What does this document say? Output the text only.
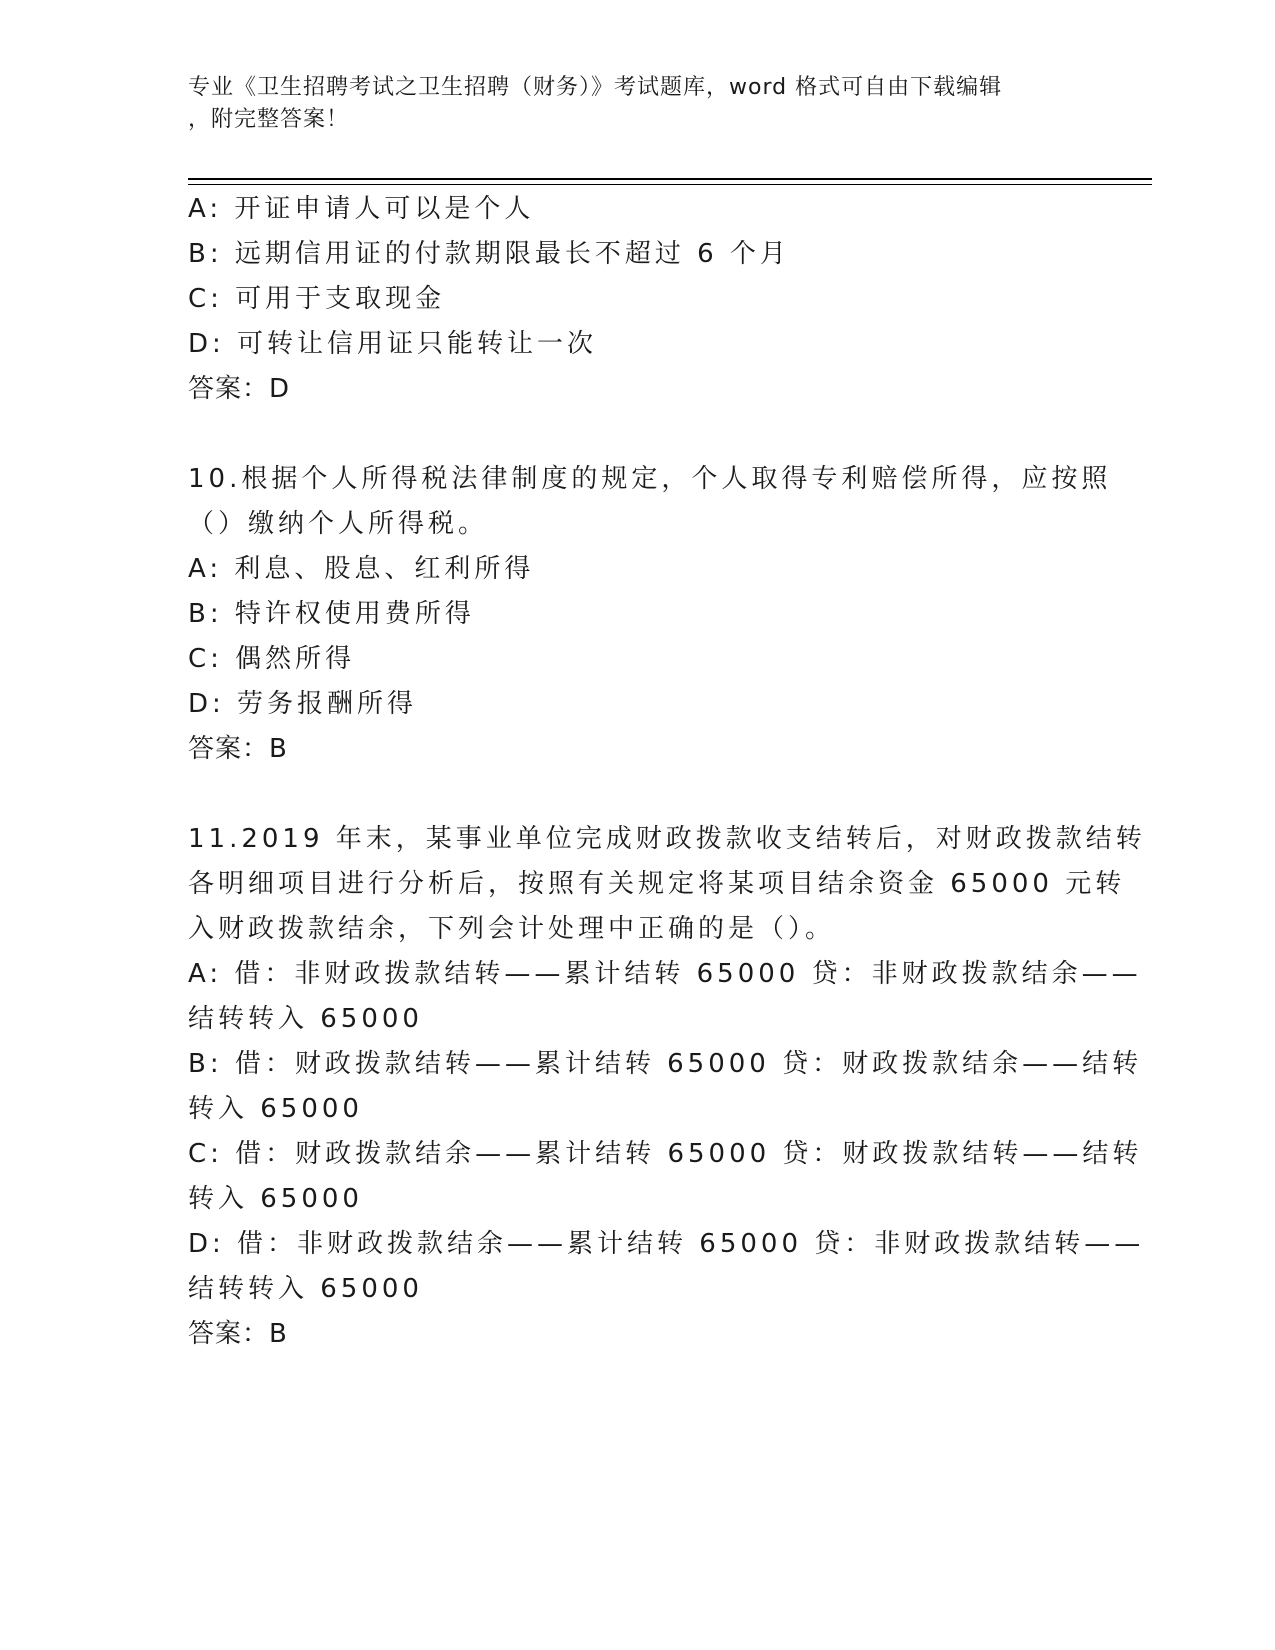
专业《卫生招聘考试之卫生招聘（财务）》考试题库，word 格式可自由下载编辑
，附完整答案！
A: 开证申请人可以是个人
B: 远期信用证的付款期限最长不超过 6 个月
C: 可用于支取现金
D: 可转让信用证只能转让一次
答案：D
10.根据个人所得税法律制度的规定，个人取得专利赔偿所得，应按照
（）缴纳个人所得税。
A: 利息、股息、红利所得
B: 特许权使用费所得
C: 偶然所得
D: 劳务报酬所得
答案：B
11.2019 年末，某事业单位完成财政拨款收支结转后，对财政拨款结转
各明细项目进行分析后，按照有关规定将某项目结余资金 65000 元转
入财政拨款结余，下列会计处理中正确的是（）。
A: 借：非财政拨款结转——累计结转 65000 贷：非财政拨款结余——
结转转入 65000
B: 借：财政拨款结转——累计结转 65000 贷：财政拨款结余——结转
转入 65000
C: 借：财政拨款结余——累计结转 65000 贷：财政拨款结转——结转
转入 65000
D: 借：非财政拨款结余——累计结转 65000 贷：非财政拨款结转——
结转转入 65000
答案：B
